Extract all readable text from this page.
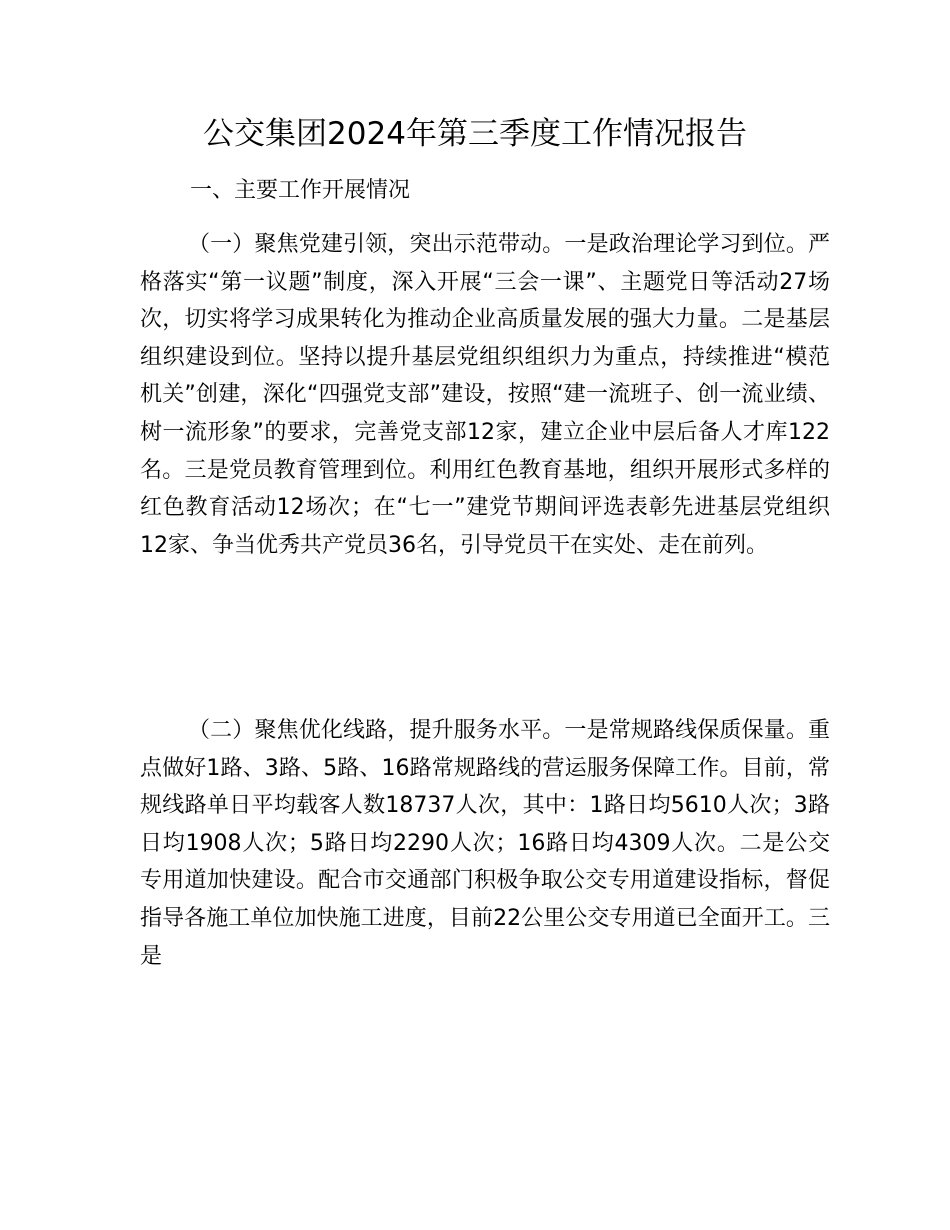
公交集团2024年第三季度工作情况报告
一、主要工作开展情况
（一）聚焦党建引领，突出示范带动。一是政治理论学习到位。严格落实“第一议题”制度，深入开展“三会一课”、主题党日等活动27场次，切实将学习成果转化为推动企业高质量发展的强大力量。二是基层组织建设到位。坚持以提升基层党组织组织力为重点，持续推进“模范机关”创建，深化“四强党支部”建设，按照“建一流班子、创一流业绩、树一流形象”的要求，完善党支部12家，建立企业中层后备人才库122名。三是党员教育管理到位。利用红色教育基地，组织开展形式多样的红色教育活动12场次；在“七一”建党节期间评选表彰先进基层党组织12家、争当优秀共产党员36名，引导党员干在实处、走在前列。
（二）聚焦优化线路，提升服务水平。一是常规路线保质保量。重点做好1路、3路、5路、16路常规路线的营运服务保障工作。目前，常规线路单日平均载客人数18737人次，其中：1路日均5610人次；3路日均1908人次；5路日均2290人次；16路日均4309人次。二是公交专用道加快建设。配合市交通部门积极争取公交专用道建设指标，督促指导各施工单位加快施工进度，目前22公里公交专用道已全面开工。三是
